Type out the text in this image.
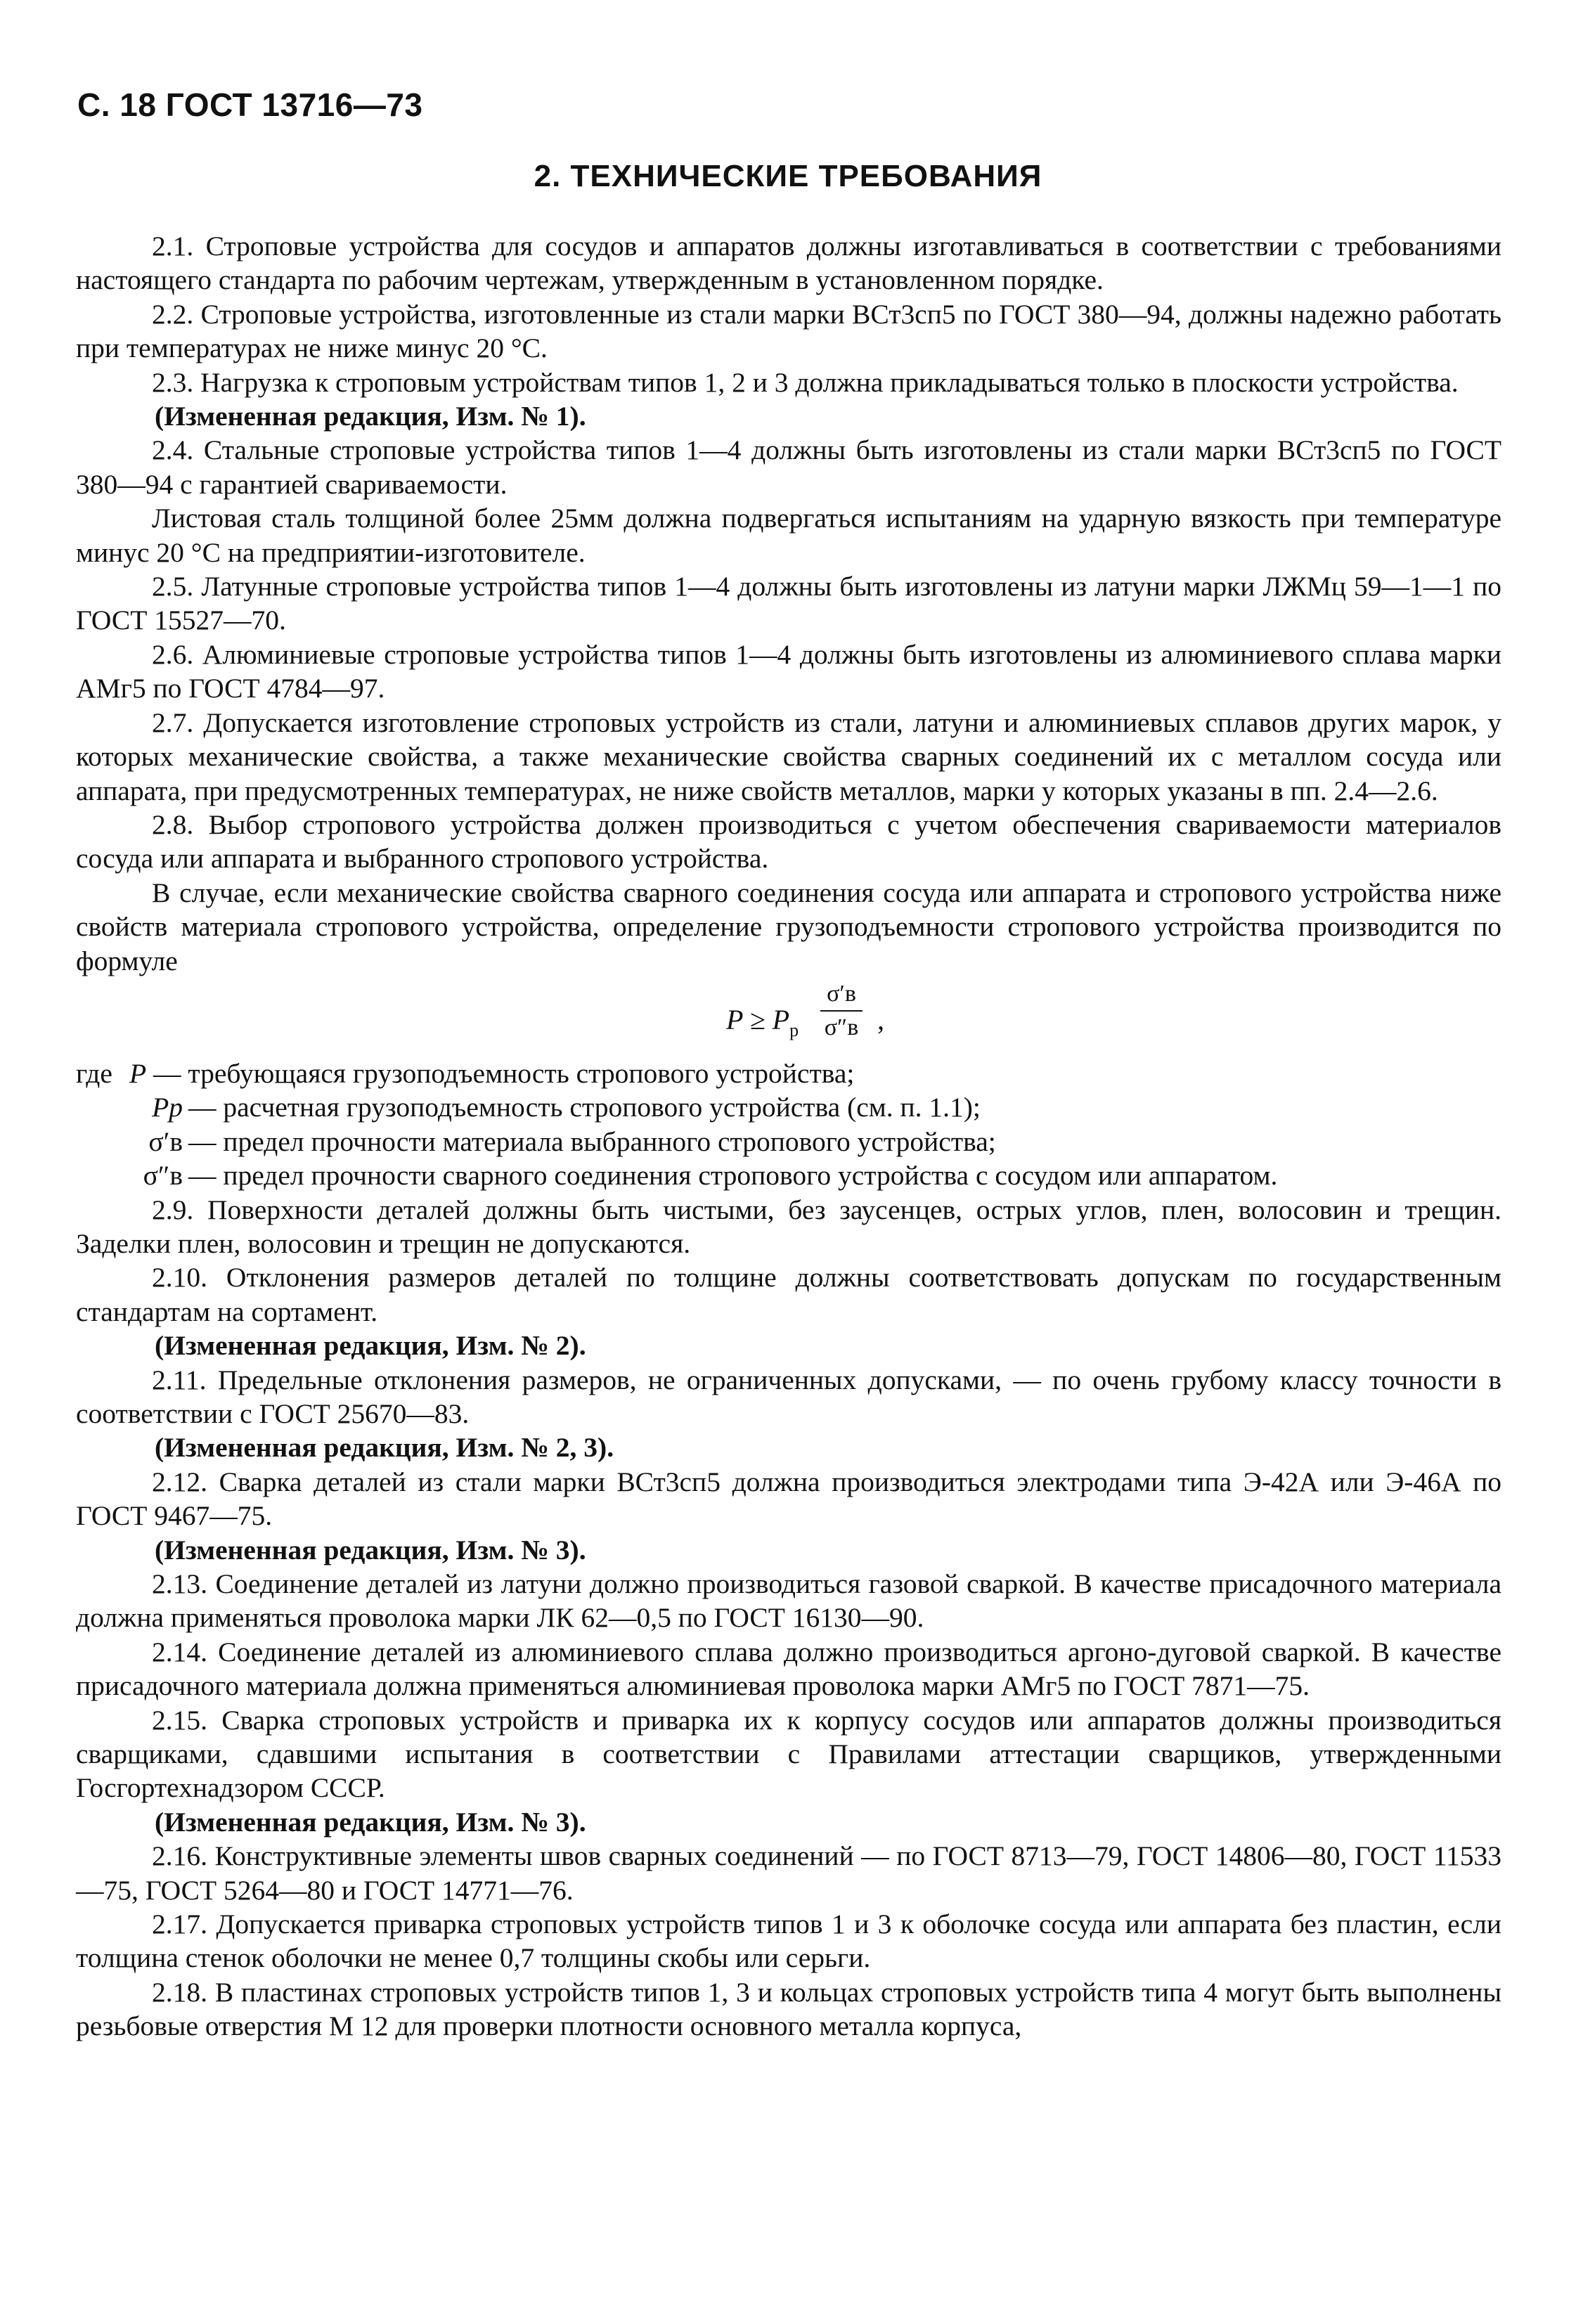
С. 18 ГОСТ 13716—73
2. ТЕХНИЧЕСКИЕ ТРЕБОВАНИЯ

2.1. Строповые устройства для сосудов и аппаратов должны изготавливаться в соответствии с требованиями настоящего стандарта по рабочим чертежам, утвержденным в установленном порядке.

2.2. Строповые устройства, изготовленные из стали марки ВСт3сп5 по ГОСТ 380—94, должны надежно работать при температурах не ниже минус 20 °С.

2.3. Нагрузка к строповым устройствам типов 1, 2 и 3 должна прикладываться только в плоскости устройства.

(Измененная редакция, Изм. № 1).

2.4. Стальные строповые устройства типов 1—4 должны быть изготовлены из стали марки ВСт3сп5 по ГОСТ 380—94 с гарантией свариваемости.

Листовая сталь толщиной более 25мм должна подвергаться испытаниям на ударную вязкость при температуре минус 20 °С на предприятии-изготовителе.

2.5. Латунные строповые устройства типов 1—4 должны быть изготовлены из латуни марки ЛЖМц 59—1—1 по ГОСТ 15527—70.

2.6. Алюминиевые строповые устройства типов 1—4 должны быть изготовлены из алюминиевого сплава марки АМг5 по ГОСТ 4784—97.

2.7. Допускается изготовление строповых устройств из стали, латуни и алюминиевых сплавов других марок, у которых механические свойства, а также механические свойства сварных соединений их с металлом сосуда или аппарата, при предусмотренных температурах, не ниже свойств металлов, марки у которых указаны в пп. 2.4—2.6.

2.8. Выбор стропового устройства должен производиться с учетом обеспечения свариваемости материалов сосуда или аппарата и выбранного стропового устройства.

В случае, если механические свойства сварного соединения сосуда или аппарата и стропового устройства ниже свойств материала стропового устройства, определение грузоподъемности стропового устройства производится по формуле

$P \ge P_p$
σ′в
σ″в ,
где P — требующаяся грузоподъемность стропового устройства;
Pр — расчетная грузоподъемность стропового устройства (см. п. 1.1);
σ′в — предел прочности материала выбранного стропового устройства;
σ″в — предел прочности сварного соединения стропового устройства с сосудом или аппаратом.

2.9. Поверхности деталей должны быть чистыми, без заусенцев, острых углов, плен, волосовин и трещин. Заделки плен, волосовин и трещин не допускаются.

2.10. Отклонения размеров деталей по толщине должны соответствовать допускам по государственным стандартам на сортамент.

(Измененная редакция, Изм. № 2).

2.11. Предельные отклонения размеров, не ограниченных допусками, — по очень грубому классу точности в соответствии с ГОСТ 25670—83.

(Измененная редакция, Изм. № 2, 3).

2.12. Сварка деталей из стали марки ВСт3сп5 должна производиться электродами типа Э-42А или Э-46А по ГОСТ 9467—75.

(Измененная редакция, Изм. № 3).

2.13. Соединение деталей из латуни должно производиться газовой сваркой. В качестве присадочного материала должна применяться проволока марки ЛК 62—0,5 по ГОСТ 16130—90.

2.14. Соединение деталей из алюминиевого сплава должно производиться аргоно-дуговой сваркой. В качестве присадочного материала должна применяться алюминиевая проволока марки АМг5 по ГОСТ 7871—75.

2.15. Сварка строповых устройств и приварка их к корпусу сосудов или аппаратов должны производиться сварщиками, сдавшими испытания в соответствии с Правилами аттестации сварщиков, утвержденными Госгортехнадзором СССР.

(Измененная редакция, Изм. № 3).

2.16. Конструктивные элементы швов сварных соединений — по ГОСТ 8713—79, ГОСТ 14806—80, ГОСТ 11533—75, ГОСТ 5264—80 и ГОСТ 14771—76.

2.17. Допускается приварка строповых устройств типов 1 и 3 к оболочке сосуда или аппарата без пластин, если толщина стенок оболочки не менее 0,7 толщины скобы или серьги.

2.18. В пластинах строповых устройств типов 1, 3 и кольцах строповых устройств типа 4 могут быть выполнены резьбовые отверстия М 12 для проверки плотности основного металла корпуса,
